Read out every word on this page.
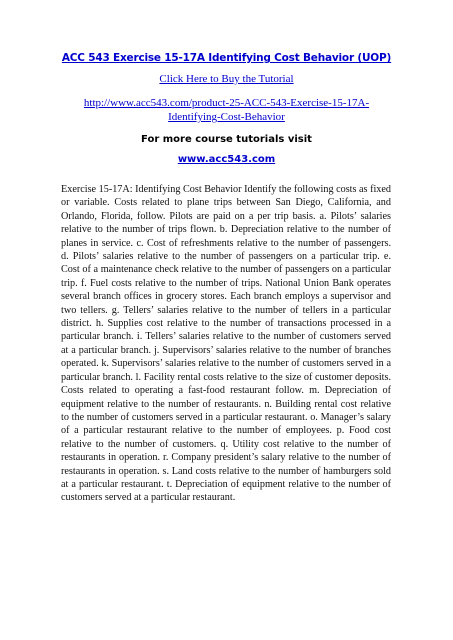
ACC 543 Exercise 15-17A Identifying Cost Behavior (UOP)
Click Here to Buy the Tutorial
http://www.acc543.com/product-25-ACC-543-Exercise-15-17A-Identifying-Cost-Behavior
For more course tutorials visit
www.acc543.com

Exercise 15-17A: Identifying Cost Behavior Identify the following costs as fixed or variable. Costs related to plane trips between San Diego, California, and Orlando, Florida, follow. Pilots are paid on a per trip basis. a. Pilots’ salaries relative to the number of trips flown. b. Depreciation relative to the number of planes in service. c. Cost of refreshments relative to the number of passengers. d. Pilots’ salaries relative to the number of passengers on a particular trip. e. Cost of a maintenance check relative to the number of passengers on a particular trip. f. Fuel costs relative to the number of trips. National Union Bank operates several branch offices in grocery stores. Each branch employs a supervisor and two tellers. g. Tellers’ salaries relative to the number of tellers in a particular district. h. Supplies cost relative to the number of transactions processed in a particular branch. i. Tellers’ salaries relative to the number of customers served at a particular branch. j. Supervisors’ salaries relative to the number of branches operated. k. Supervisors’ salaries relative to the number of customers served in a particular branch. l. Facility rental costs relative to the size of customer deposits. Costs related to operating a fast-food restaurant follow. m. Depreciation of equipment relative to the number of restaurants. n. Building rental cost relative to the number of customers served in a particular restaurant. o. Manager’s salary of a particular restaurant relative to the number of employees. p. Food cost relative to the number of customers. q. Utility cost relative to the number of restaurants in operation. r. Company president’s salary relative to the number of restaurants in operation. s. Land costs relative to the number of hamburgers sold at a particular restaurant. t. Depreciation of equipment relative to the number of customers served at a particular restaurant.
